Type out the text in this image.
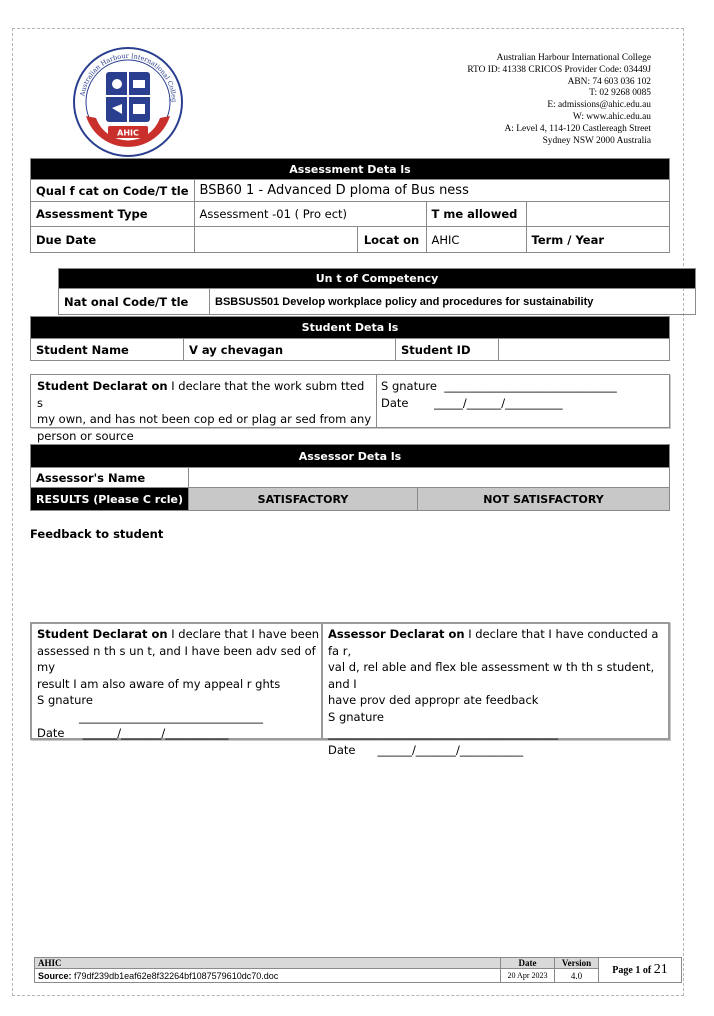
AHIC
Australian Harbour International Colleg
Australian Harbour International College
RTO ID: 41338 CRICOS Provider Code: 03449J
ABN: 74 603 036 102
T: 02 9268 0085
E: admissions@ahic.edu.au
W: www.ahic.edu.au
A: Level 4, 114-120 Castlereagh Street
Sydney NSW 2000 Australia
Assessment Deta ls				
Qual f cat on Code/T tle	BSB60 1 - Advanced D ploma of Bus ness			
Assessment Type	Assessment -01 ( Pro ect)		T me allowed	
Due Date		Locat on	AHIC	Term / Year
Un t of Competency
Nat onal Code/T tle	BSBSUS501 Develop workplace policy and procedures for sustainability
Student Deta ls
Student Name	V ay chevagan	Student ID	
Student Declarat on I declare that the work subm tted s
my own, and has not been cop ed or plag ar sed from any
person or source
S gnature ______________________________
Date _____/______/__________
Assessor Deta ls		
Assessor's Name		
RESULTS (Please C rcle)	SATISFACTORY	NOT SATISFACTORY
Feedback to student
Student Declarat on I declare that I have been
assessed n th s un t, and I have been adv sed of my
result I am also aware of my appeal r ghts
S gnature
________________________________
Date ______/_______/___________
Assessor Declarat on I declare that I have conducted a fa r,
val d, rel able and flex ble assessment w th th s student, and I
have prov ded appropr ate feedback
S gnature
________________________________________
Date ______/_______/___________
AHIC	Date	Version	Page 1 of 21
Source: f79df239db1eaf62e8f32264bf1087579610dc70.doc	20 Apr 2023	4.0	
